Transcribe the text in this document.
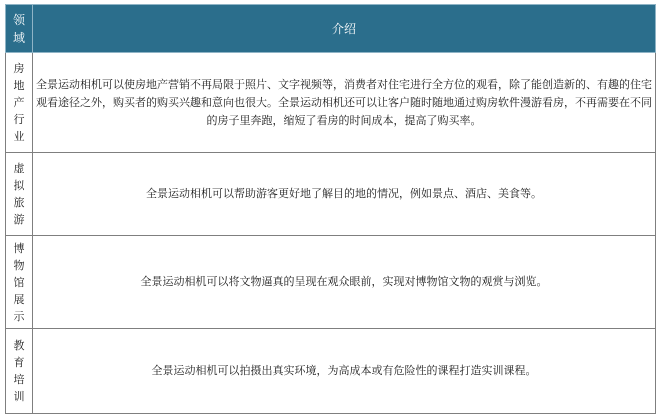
领域	介绍

房地产行业	全景运动相机可以使房地产营销不再局限于照片、文字视频等，消费者对住宅进行全方位的观看，除了能创造新的、有趣的住宅观看途径之外，购买者的购买兴趣和意向也很大。全景运动相机还可以让客户随时随地通过购房软件漫游看房，不再需要在不同的房子里奔跑，缩短了看房的时间成本，提高了购买率。

虚拟旅游	全景运动相机可以帮助游客更好地了解目的地的情况，例如景点、酒店、美食等。

博物馆展示	全景运动相机可以将文物逼真的呈现在观众眼前，实现对博物馆文物的观赏与浏览。

教育培训	全景运动相机可以拍摄出真实环境，为高成本或有危险性的课程打造实训课程。
